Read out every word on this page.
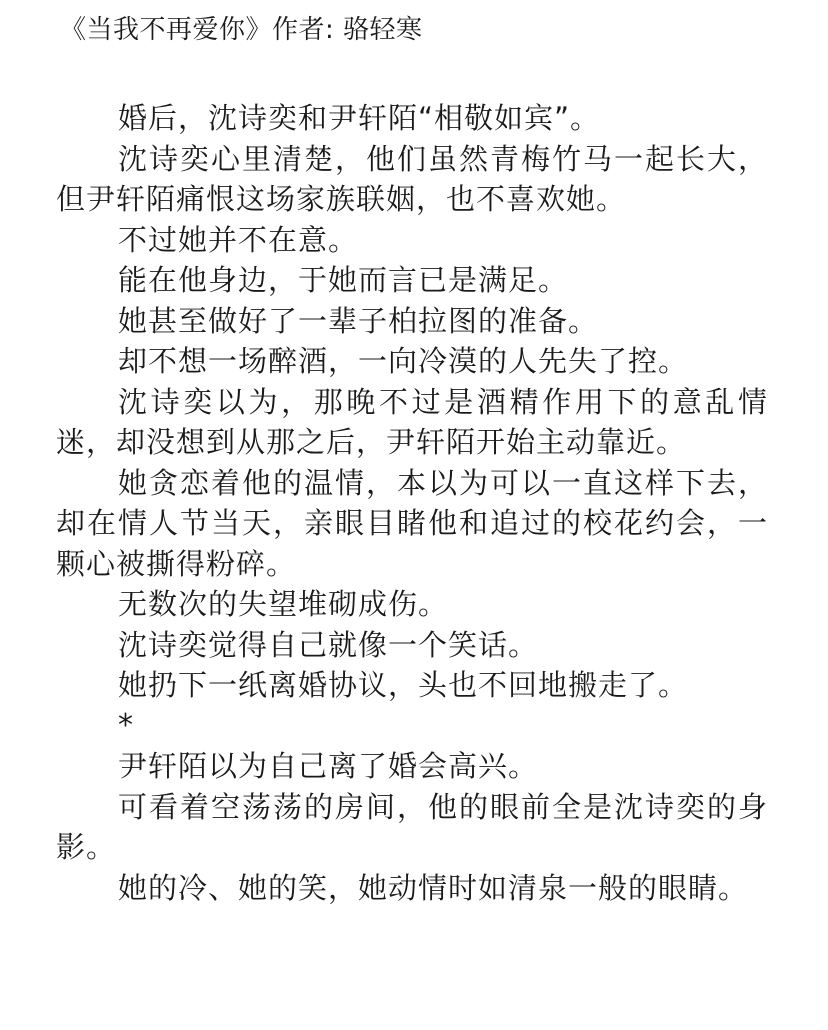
《当我不再爱你》作者: 骆轻寒

婚后，沈诗奕和尹轩陌“相敬如宾”。

沈诗奕心里清楚，他们虽然青梅竹马一起长大，但尹轩陌痛恨这场家族联姻，也不喜欢她。

不过她并不在意。

能在他身边，于她而言已是满足。

她甚至做好了一辈子柏拉图的准备。

却不想一场醉酒，一向冷漠的人先失了控。

沈诗奕以为，那晚不过是酒精作用下的意乱情迷，却没想到从那之后，尹轩陌开始主动靠近。

她贪恋着他的温情，本以为可以一直这样下去，却在情人节当天，亲眼目睹他和追过的校花约会，一颗心被撕得粉碎。

无数次的失望堆砌成伤。

沈诗奕觉得自己就像一个笑话。

她扔下一纸离婚协议，头也不回地搬走了。

*

尹轩陌以为自己离了婚会高兴。

可看着空荡荡的房间，他的眼前全是沈诗奕的身影。

她的冷、她的笑，她动情时如清泉一般的眼睛。
